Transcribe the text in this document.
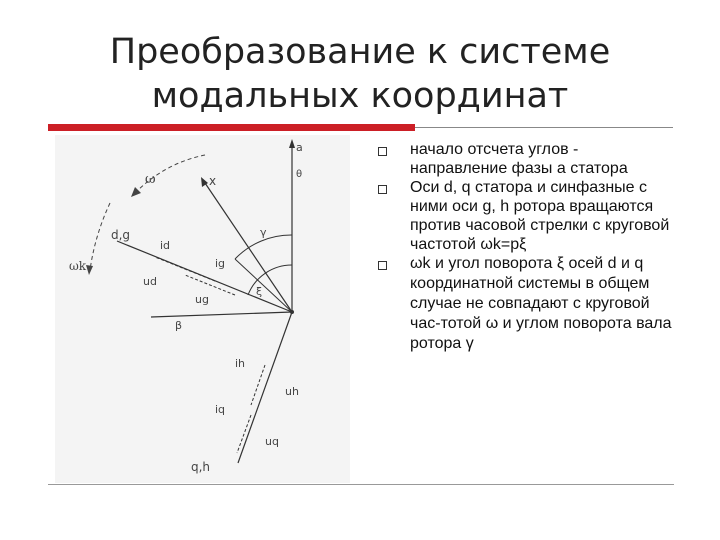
Преобразование к системе
модальных координат
a
θ
β
x
d,g
q,h
γ
ξ
ω
ωk
id
ig
ud
ug
ih
uh
iq
uq
начало отсчета углов - направление фазы a статора
Оси d, q статора и синфазные с ними оси g, h ротора вращаются против часовой стрелки с круговой частотой ωk=pξ
ωk и угол поворота ξ осей d и q координатной системы в общем случае не совпадают с круговой час-тотой ω и углом поворота вала ротора γ
